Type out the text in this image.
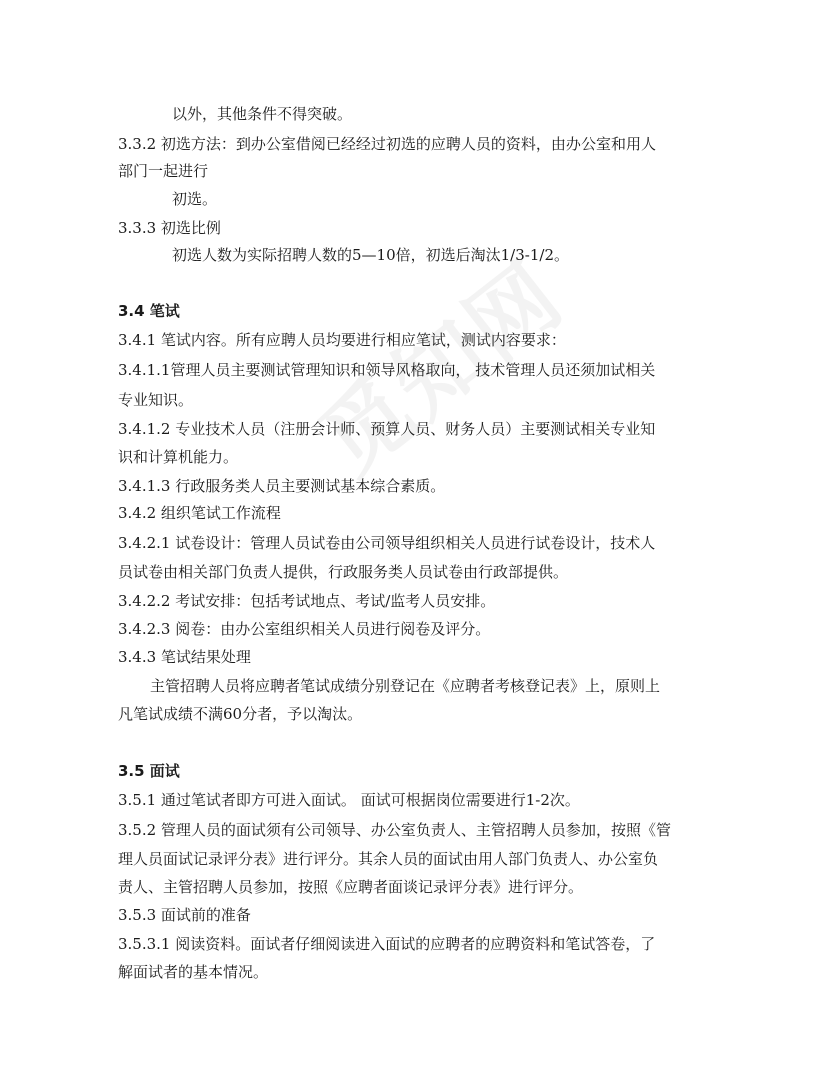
以外，其他条件不得突破。
3.3.2 初选方法：到办公室借阅已经经过初选的应聘人员的资料，由办公室和用人
部门一起进行
初选。
3.3.3 初选比例
初选人数为实际招聘人数的5—10倍，初选后淘汰1/3-1/2。
3.4 笔试
3.4.1 笔试内容。所有应聘人员均要进行相应笔试，测试内容要求：
3.4.1.1管理人员主要测试管理知识和领导风格取向， 技术管理人员还须加试相关
专业知识。
3.4.1.2 专业技术人员（注册会计师、预算人员、财务人员）主要测试相关专业知
识和计算机能力。
3.4.1.3 行政服务类人员主要测试基本综合素质。
3.4.2 组织笔试工作流程
3.4.2.1 试卷设计：管理人员试卷由公司领导组织相关人员进行试卷设计，技术人
员试卷由相关部门负责人提供，行政服务类人员试卷由行政部提供。
3.4.2.2 考试安排：包括考试地点、考试/监考人员安排。
3.4.2.3 阅卷：由办公室组织相关人员进行阅卷及评分。
3.4.3 笔试结果处理
主管招聘人员将应聘者笔试成绩分别登记在《应聘者考核登记表》上，原则上
凡笔试成绩不满60分者，予以淘汰。
3.5 面试
3.5.1 通过笔试者即方可进入面试。 面试可根据岗位需要进行1-2次。
3.5.2 管理人员的面试须有公司领导、办公室负责人、主管招聘人员参加，按照《管
理人员面试记录评分表》进行评分。其余人员的面试由用人部门负责人、办公室负
责人、主管招聘人员参加，按照《应聘者面谈记录评分表》进行评分。
3.5.3 面试前的准备
3.5.3.1 阅读资料。面试者仔细阅读进入面试的应聘者的应聘资料和笔试答卷，了
解面试者的基本情况。
